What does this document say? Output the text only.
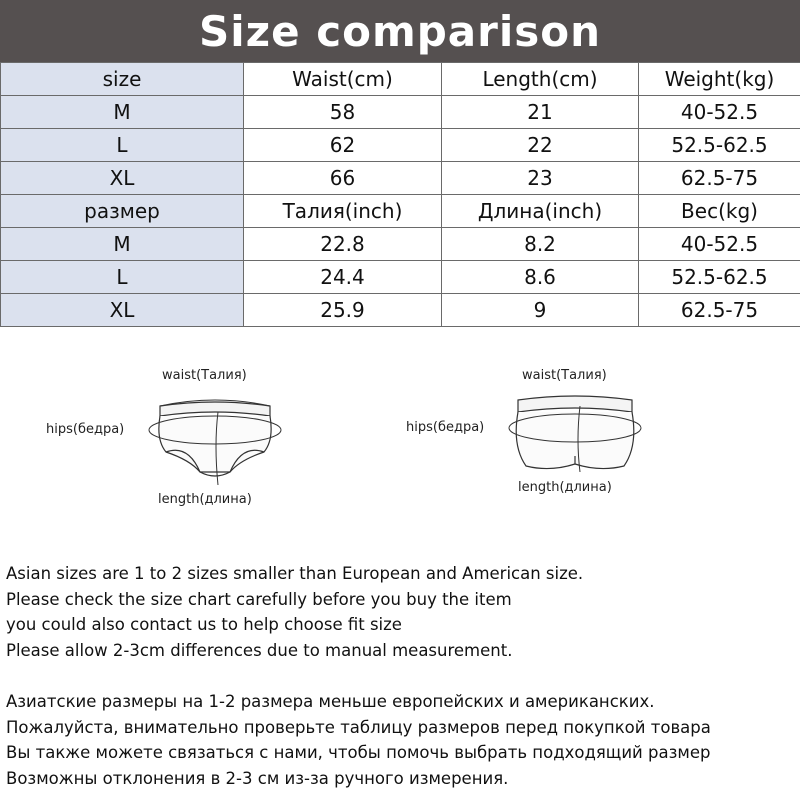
Size comparison
size	Waist(cm)	Length(cm)	Weight(kg)
M	58	21	40-52.5
L	62	22	52.5-62.5
XL	66	23	62.5-75
размер	Талия(inch)	Длина(inch)	Вес(kg)
M	22.8	8.2	40-52.5
L	24.4	8.6	52.5-62.5
XL	25.9	9	62.5-75
waist(Талия)
hips(бедра)
length(длина)
waist(Талия)
hips(бедра)
length(длина)
Asian sizes are 1 to 2 sizes smaller than European and American size.
Please check the size chart carefully before you buy the item
you could also contact us to help choose fit size
Please allow 2-3cm differences due to manual measurement.
Азиатские размеры на 1-2 размера меньше европейских и американских.
Пожалуйста, внимательно проверьте таблицу размеров перед покупкой товара
Вы также можете связаться с нами, чтобы помочь выбрать подходящий размер
Возможны отклонения в 2-3 см из-за ручного измерения.
